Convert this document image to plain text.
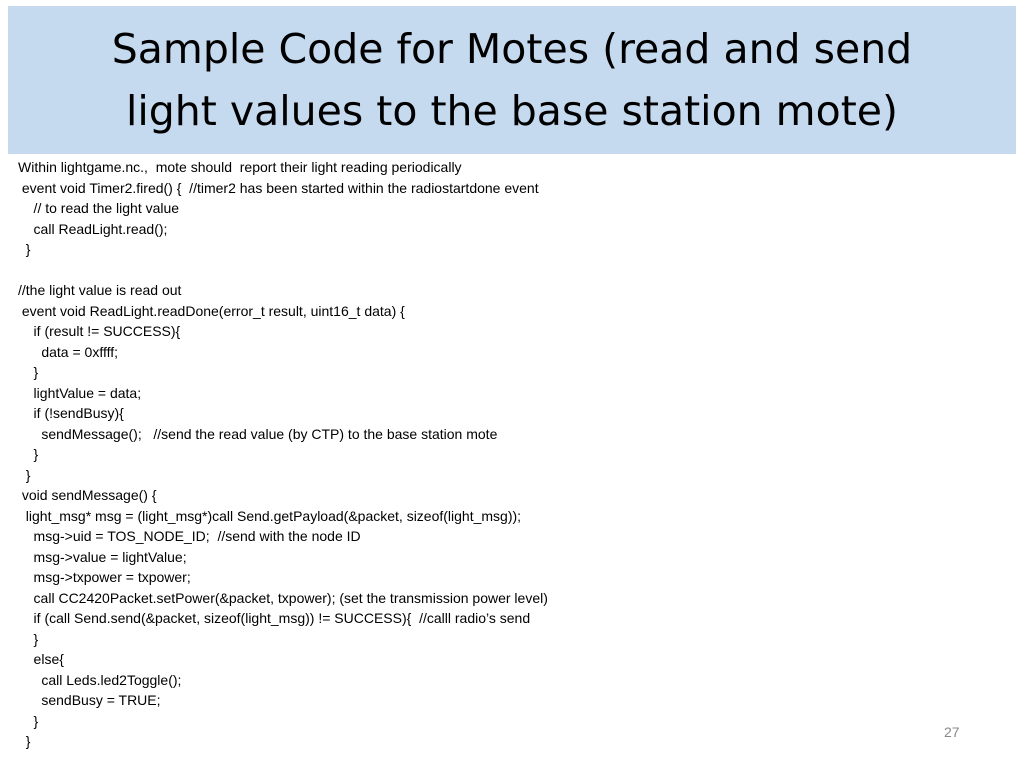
Sample Code for Motes (read and send
light values to the base station mote)
Within lightgame.nc.,  mote should  report their light reading periodically
event void Timer2.fired() {  //timer2 has been started within the radiostartdone event
// to read the light value
call ReadLight.read();
}
//the light value is read out
event void ReadLight.readDone(error_t result, uint16_t data) {
if (result != SUCCESS){
data = 0xffff;
}
lightValue = data;
if (!sendBusy){
sendMessage();   //send the read value (by CTP) to the base station mote
}
}
void sendMessage() {
light_msg* msg = (light_msg*)call Send.getPayload(&packet, sizeof(light_msg));
msg->uid = TOS_NODE_ID;  //send with the node ID
msg->value = lightValue;
msg->txpower = txpower;
call CC2420Packet.setPower(&packet, txpower); (set the transmission power level)
if (call Send.send(&packet, sizeof(light_msg)) != SUCCESS){  //calll radio’s send
}
else{
call Leds.led2Toggle();
sendBusy = TRUE;
}
}
27
